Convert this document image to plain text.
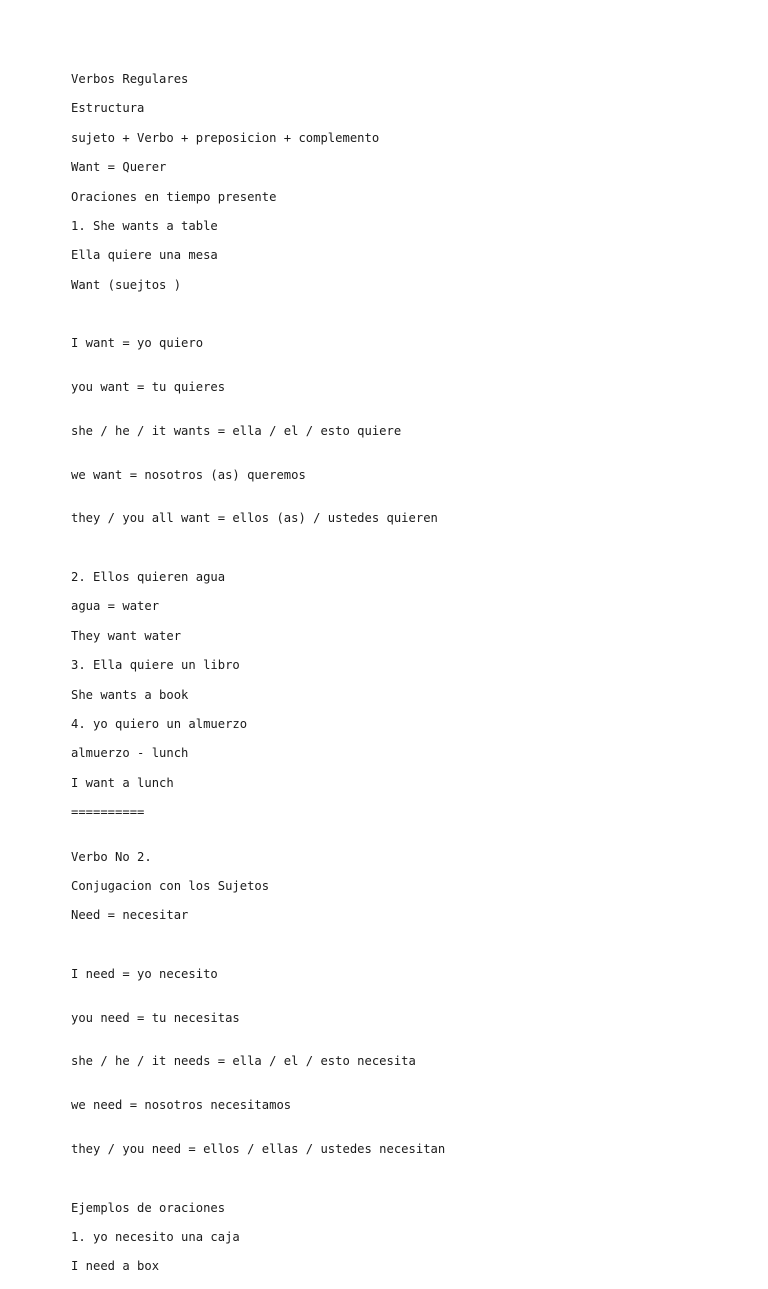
Verbos Regulares
Estructura
sujeto + Verbo + preposicion + complemento
Want = Querer
Oraciones en tiempo presente
1. She wants a table
Ella quiere una mesa
Want (suejtos )

I want = yo quiero

you want = tu quieres

she / he / it wants = ella / el / esto quiere

we want = nosotros (as) queremos

they / you all want = ellos (as) / ustedes quieren

2. Ellos quieren agua
agua = water
They want water
3. Ella quiere un libro
She wants a book
4. yo quiero un almuerzo
almuerzo - lunch
I want a lunch
==========
Verbo No 2.
Conjugacion con los Sujetos
Need = necesitar

I need = yo necesito

you need = tu necesitas

she / he / it needs = ella / el / esto necesita

we need = nosotros necesitamos

they / you need = ellos / ellas / ustedes necesitan

Ejemplos de oraciones
1. yo necesito una caja
I need a box
